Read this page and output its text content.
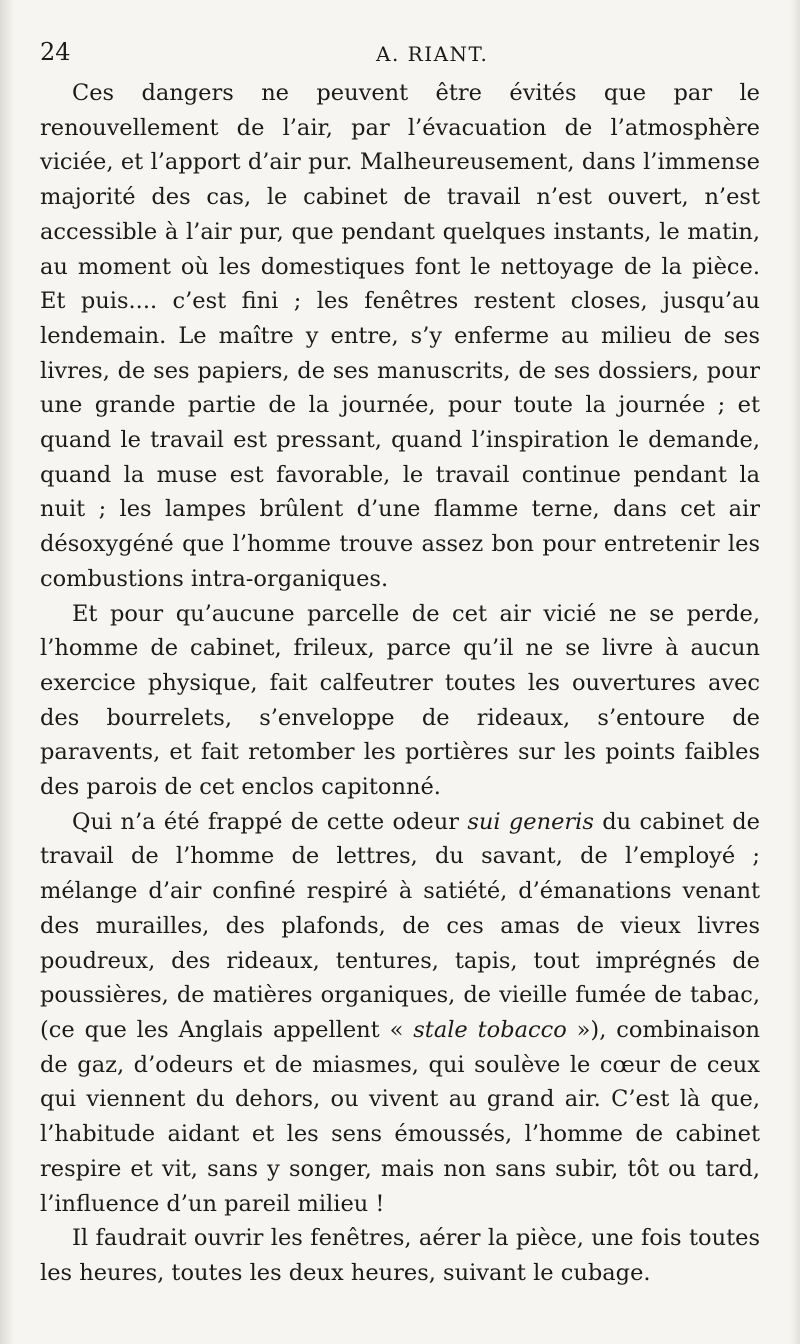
24	A. RIANT.

Ces dangers ne peuvent être évités que par le renouvellement de l’air, par l’évacuation de l’atmosphère viciée, et l’apport d’air pur. Malheureusement, dans l’immense majorité des cas, le cabinet de travail n’est ouvert, n’est accessible à l’air pur, que pendant quelques instants, le matin, au moment où les domestiques font le nettoyage de la pièce. Et puis.... c’est fini ; les fenêtres restent closes, jusqu’au lendemain. Le maître y entre, s’y enferme au milieu de ses livres, de ses papiers, de ses manuscrits, de ses dossiers, pour une grande partie de la journée, pour toute la journée ; et quand le travail est pressant, quand l’inspiration le demande, quand la muse est favorable, le travail continue pendant la nuit ; les lampes brûlent d’une flamme terne, dans cet air désoxygéné que l’homme trouve assez bon pour entretenir les combustions intra-organiques.

Et pour qu’aucune parcelle de cet air vicié ne se perde, l’homme de cabinet, frileux, parce qu’il ne se livre à aucun exercice physique, fait calfeutrer toutes les ouvertures avec des bourrelets, s’enveloppe de rideaux, s’entoure de paravents, et fait retomber les portières sur les points faibles des parois de cet enclos capitonné.

Qui n’a été frappé de cette odeur sui generis du cabinet de travail de l’homme de lettres, du savant, de l’employé ; mélange d’air confiné respiré à satiété, d’émanations venant des murailles, des plafonds, de ces amas de vieux livres poudreux, des rideaux, tentures, tapis, tout imprégnés de poussières, de matières organiques, de vieille fumée de tabac, (ce que les Anglais appellent « stale tobacco »), combinaison de gaz, d’odeurs et de miasmes, qui soulève le cœur de ceux qui viennent du dehors, ou vivent au grand air. C’est là que, l’habitude aidant et les sens émoussés, l’homme de cabinet respire et vit, sans y songer, mais non sans subir, tôt ou tard, l’influence d’un pareil milieu !

Il faudrait ouvrir les fenêtres, aérer la pièce, une fois toutes les heures, toutes les deux heures, suivant le cubage.
